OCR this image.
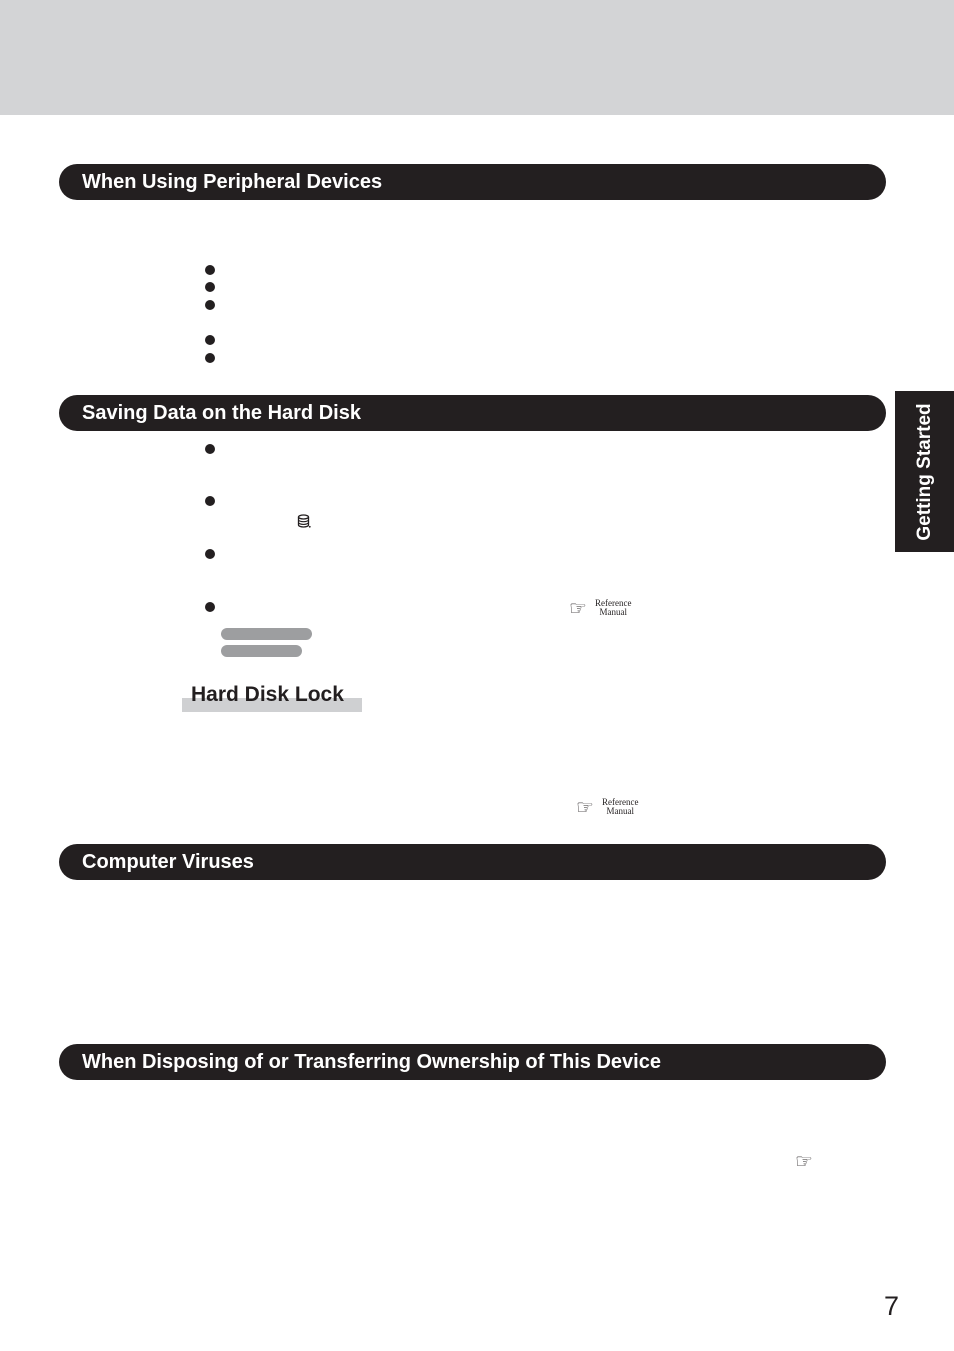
When Using Peripheral Devices
Getting Started
Saving Data on the Hard Disk
☞ Reference
Manual
Hard Disk Lock
☞ Reference
Manual
Computer Viruses
When Disposing of or Transferring Ownership of This Device
☞
7
